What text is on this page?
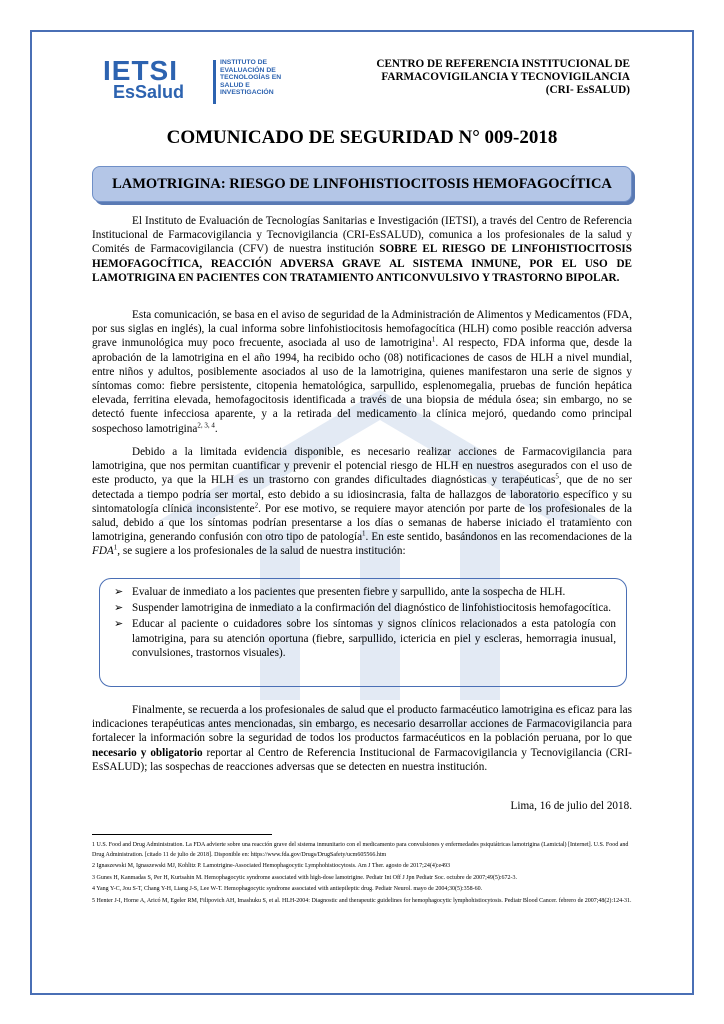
IETSI
EsSalud
INSTITUTO DE EVALUACIÓN DE TECNOLOGÍAS EN SALUD E INVESTIGACIÓN
CENTRO DE REFERENCIA INSTITUCIONAL DE
FARMACOVIGILANCIA Y TECNOVIGILANCIA
(CRI- EsSALUD)
COMUNICADO DE SEGURIDAD N° 009-2018
LAMOTRIGINA: RIESGO DE LINFOHISTIOCITOSIS HEMOFAGOCÍTICA
El Instituto de Evaluación de Tecnologías Sanitarias e Investigación (IETSI), a través del Centro de Referencia Institucional de Farmacovigilancia y Tecnovigilancia (CRI-EsSALUD), comunica a los profesionales de la salud y Comités de Farmacovigilancia (CFV) de nuestra institución SOBRE EL RIESGO DE LINFOHISTIOCITOSIS HEMOFAGOCÍTICA, REACCIÓN ADVERSA GRAVE AL SISTEMA INMUNE, POR EL USO DE LAMOTRIGINA EN PACIENTES CON TRATAMIENTO ANTICONVULSIVO Y TRASTORNO BIPOLAR.
Esta comunicación, se basa en el aviso de seguridad de la Administración de Alimentos y Medicamentos (FDA, por sus siglas en inglés), la cual informa sobre linfohistiocitosis hemofagocítica (HLH) como posible reacción adversa grave inmunológica muy poco frecuente, asociada al uso de lamotrigina$^1$. Al respecto, FDA informa que, desde la aprobación de la lamotrigina en el año 1994, ha recibido ocho (08) notificaciones de casos de HLH a nivel mundial, entre niños y adultos, posiblemente asociados al uso de la lamotrigina, quienes manifestaron una serie de signos y síntomas como: fiebre persistente, citopenia hematológica, sarpullido, esplenomegalia, pruebas de función hepática elevada, ferritina elevada, hemofagocitosis identificada a través de una biopsia de médula ósea; sin embargo, no se detectó fuente infecciosa aparente, y a la retirada del medicamento la clínica mejoró, quedando como principal sospechoso lamotrigina$^{2, 3, 4}$.
Debido a la limitada evidencia disponible, es necesario realizar acciones de Farmacovigilancia para lamotrigina, que nos permitan cuantificar y prevenir el potencial riesgo de HLH en nuestros asegurados con el uso de este producto, ya que la HLH es un trastorno con grandes dificultades diagnósticas y terapéuticas$^5$, que de no ser detectada a tiempo podría ser mortal, esto debido a su idiosincrasia, falta de hallazgos de laboratorio específico y su sintomatología clínica inconsistente$^2$. Por ese motivo, se requiere mayor atención por parte de los profesionales de la salud, debido a que los síntomas podrían presentarse a los días o semanas de haberse iniciado el tratamiento con lamotrigina, generando confusión con otro tipo de patología$^1$. En este sentido, basándonos en las recomendaciones de la FDA$^1$, se sugiere a los profesionales de la salud de nuestra institución:
➢ Evaluar de inmediato a los pacientes que presenten fiebre y sarpullido, ante la sospecha de HLH.
➢ Suspender lamotrigina de inmediato a la confirmación del diagnóstico de linfohistiocitosis hemofagocítica.
➢ Educar al paciente o cuidadores sobre los síntomas y signos clínicos relacionados a esta patología con lamotrigina, para su atención oportuna (fiebre, sarpullido, ictericia en piel y escleras, hemorragia inusual, convulsiones, trastornos visuales).
Finalmente, se recuerda a los profesionales de salud que el producto farmacéutico lamotrigina es eficaz para las indicaciones terapéuticas antes mencionadas, sin embargo, es necesario desarrollar acciones de Farmacovigilancia para fortalecer la información sobre la seguridad de todos los productos farmacéuticos en la población peruana, por lo que necesario y obligatorio reportar al Centro de Referencia Institucional de Farmacovigilancia y Tecnovigilancia (CRI-EsSALUD); las sospechas de reacciones adversas que se detecten en nuestra institución.
Lima, 16 de julio del 2018.
1 U.S. Food and Drug Administration. La FDA advierte sobre una reacción grave del sistema inmunitario con el medicamento para convulsiones y enfermedades psiquiátricas lamotrigina (Lamictal) [Internet]. U.S. Food and Drug Administration. [citado 11 de julio de 2018]. Disponible en: https://www.fda.gov/Drugs/DrugSafety/ucm605566.htm
2 Ignaszewski M, Ignaszewski MJ, Kohlitz P. Lamotrigine-Associated Hemophagocytic Lymphohistiocytosis. Am J Ther. agosto de 2017;24(4):e493
3 Gunes H, Kanmadas S, Per H, Kurtsahin M. Hemophagocytic syndrome associated with high-dose lamotrigine. Pediatr Int Off J Jpn Pediatr Soc. octubre de 2007;49(5):672-3.
4 Yang Y-C, Jou S-T, Chang Y-H, Liang J-S, Lee W-T. Hemophagocytic syndrome associated with antiepileptic drug. Pediatr Neurol. mayo de 2004;30(5):358-60.
5 Henter J-I, Horne A, Aricó M, Egeler RM, Filipovich AH, Imashuku S, et al. HLH-2004: Diagnostic and therapeutic guidelines for hemophagocytic lymphohistiocytosis. Pediatr Blood Cancer. febrero de 2007;48(2):124-31.
